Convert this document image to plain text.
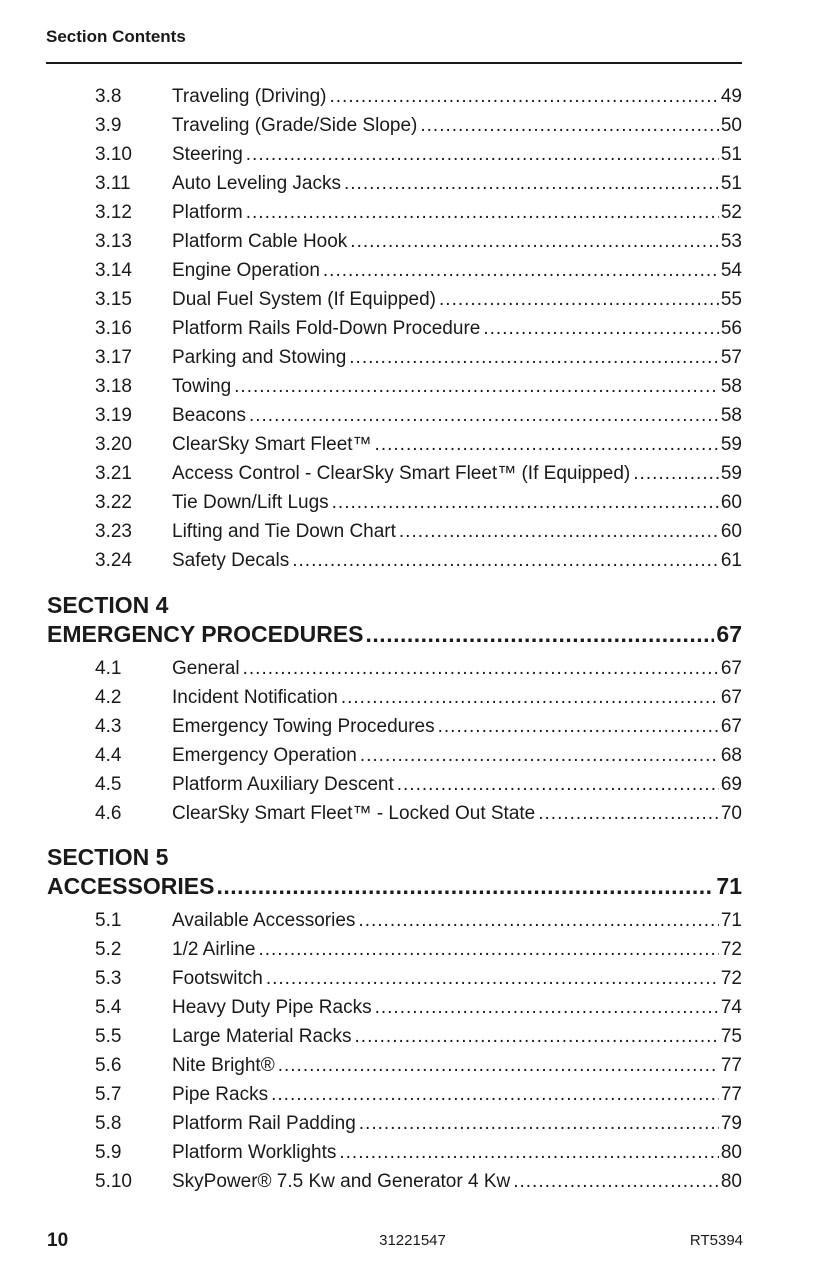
Section Contents
3.8	Traveling (Driving) .....	49
3.9	Traveling (Grade/Side Slope) .....	50
3.10 Steering .....	51
3.11 Auto Leveling Jacks .....	51
3.12 Platform .....	52
3.13 Platform Cable Hook .....	53
3.14 Engine Operation .....	54
3.15 Dual Fuel System (If Equipped) .....	55
3.16 Platform Rails Fold-Down Procedure .....	56
3.17 Parking and Stowing .....	57
3.18 Towing .....	58
3.19 Beacons .....	58
3.20 ClearSky Smart Fleet™ .....	59
3.21 Access Control - ClearSky Smart Fleet™ (If Equipped) .....	59
3.22 Tie Down/Lift Lugs .....	60
3.23 Lifting and Tie Down Chart .....	60
3.24 Safety Decals .....	61
SECTION 4
EMERGENCY PROCEDURES .....	67
4.1	General .....	67
4.2	Incident Notification .....	67
4.3	Emergency Towing Procedures .....	67
4.4	Emergency Operation .....	68
4.5	Platform Auxiliary Descent .....	69
4.6	ClearSky Smart Fleet™ - Locked Out State .....	70
SECTION 5
ACCESSORIES .....	71
5.1	Available Accessories .....	71
5.2	1/2 Airline .....	72
5.3	Footswitch .....	72
5.4	Heavy Duty Pipe Racks .....	74
5.5	Large Material Racks .....	75
5.6	Nite Bright® .....	77
5.7	Pipe Racks .....	77
5.8	Platform Rail Padding .....	79
5.9	Platform Worklights .....	80
5.10 SkyPower® 7.5 Kw and Generator 4 Kw .....	80
10	31221547	RT5394
